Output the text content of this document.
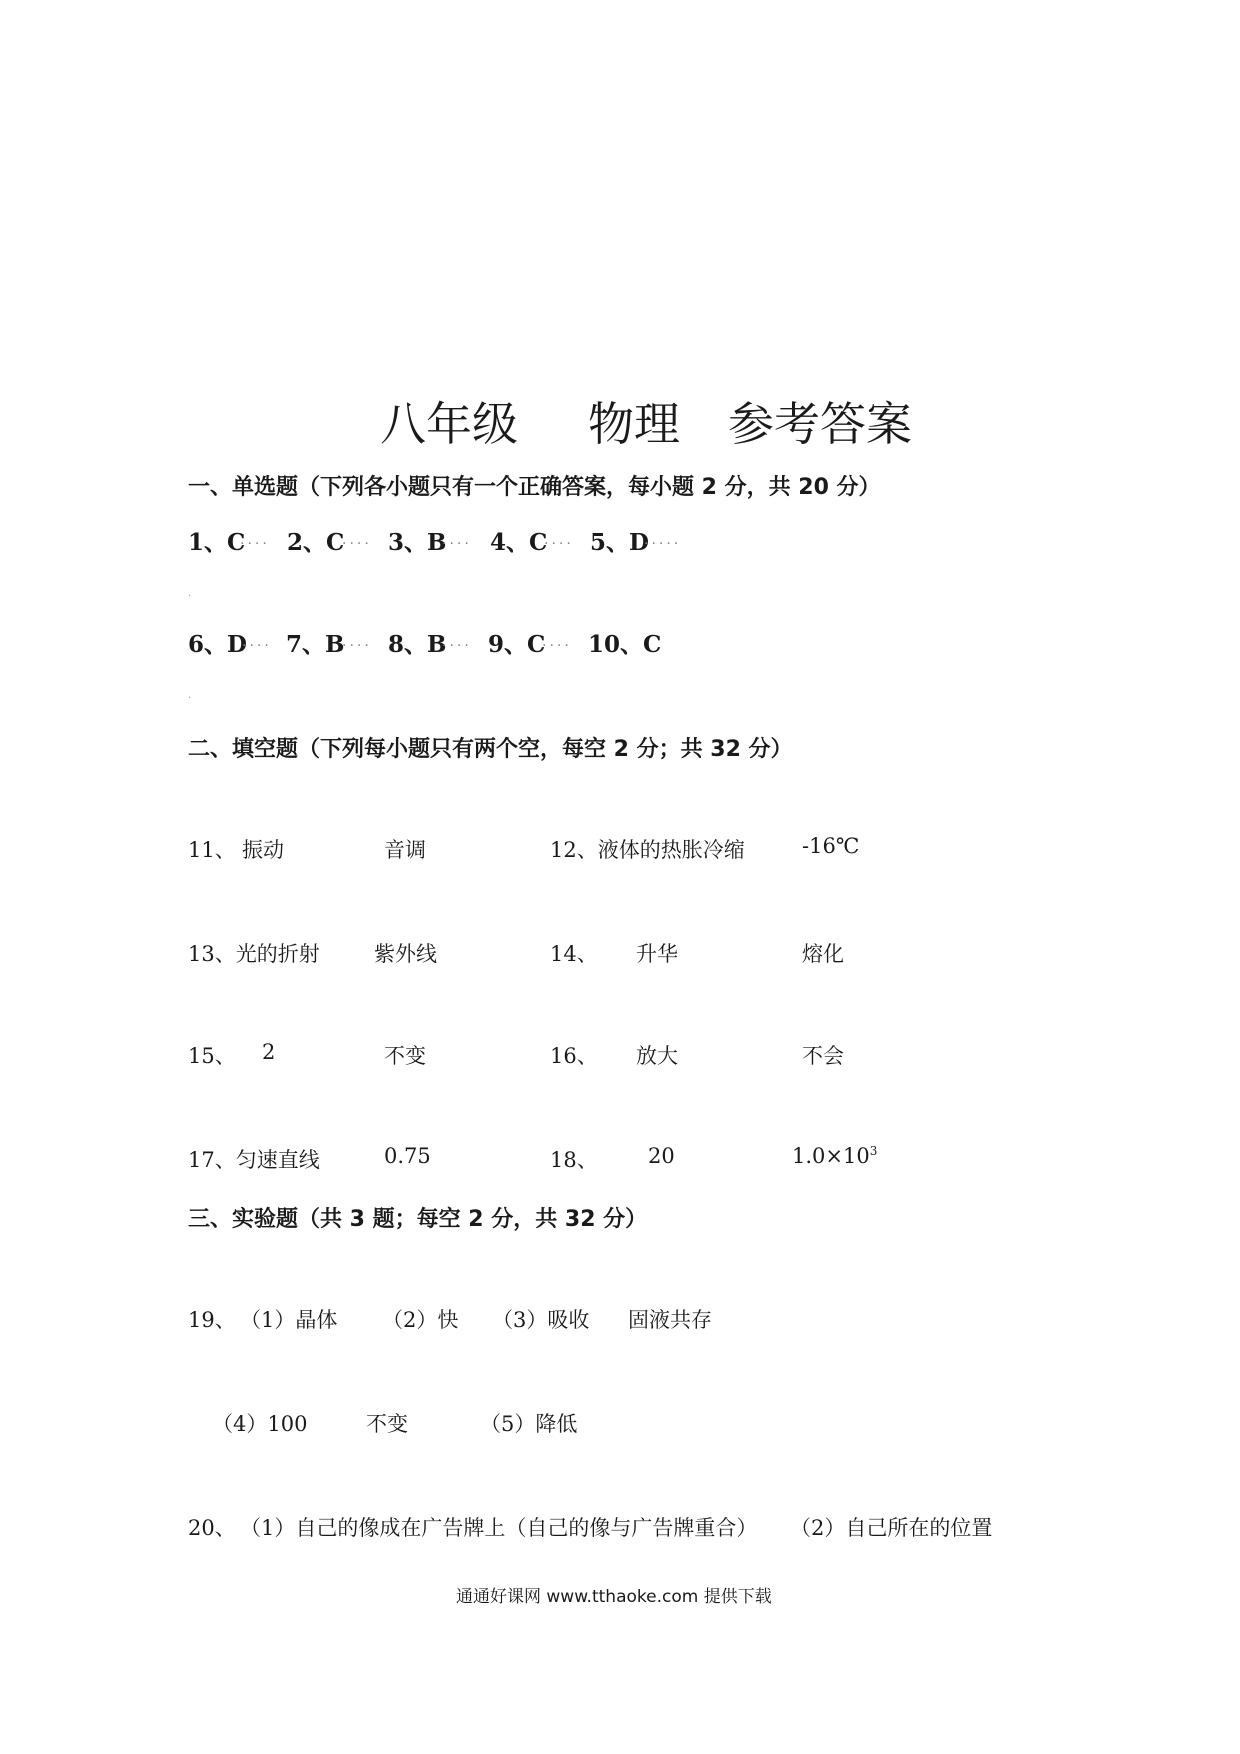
八年级 物理 参考答案
一、单选题（下列各小题只有一个正确答案，每小题 2 分，共 20 分）
1、C
.... 2、C
.... 3、B
.... 4、C
.... 5、D
.....
.
6、D
.... 7、B
.... 8、B
.... 9、C
.... 10、C
.
二、填空题（下列每小题只有两个空，每空 2 分；共 32 分）
11、 振动	音调	12、液体的热胀冷缩	-16℃
13、光的折射	紫外线	14、 升华	熔化
15、 2	不变	16、 放大	不会
17、匀速直线	0.75	18、 20	$1.0\times 10^3$
三、实验题（共 3 题；每空 2 分，共 32 分）
19、 （1）晶体 （2）快 （3）吸收 固液共存
（4）100	不变	（5）降低
20、 （1）自己的像成在广告牌上（自己的像与广告牌重合） （2）自己所在的位置
通通好课网 www.tthaoke.com 提供下载
